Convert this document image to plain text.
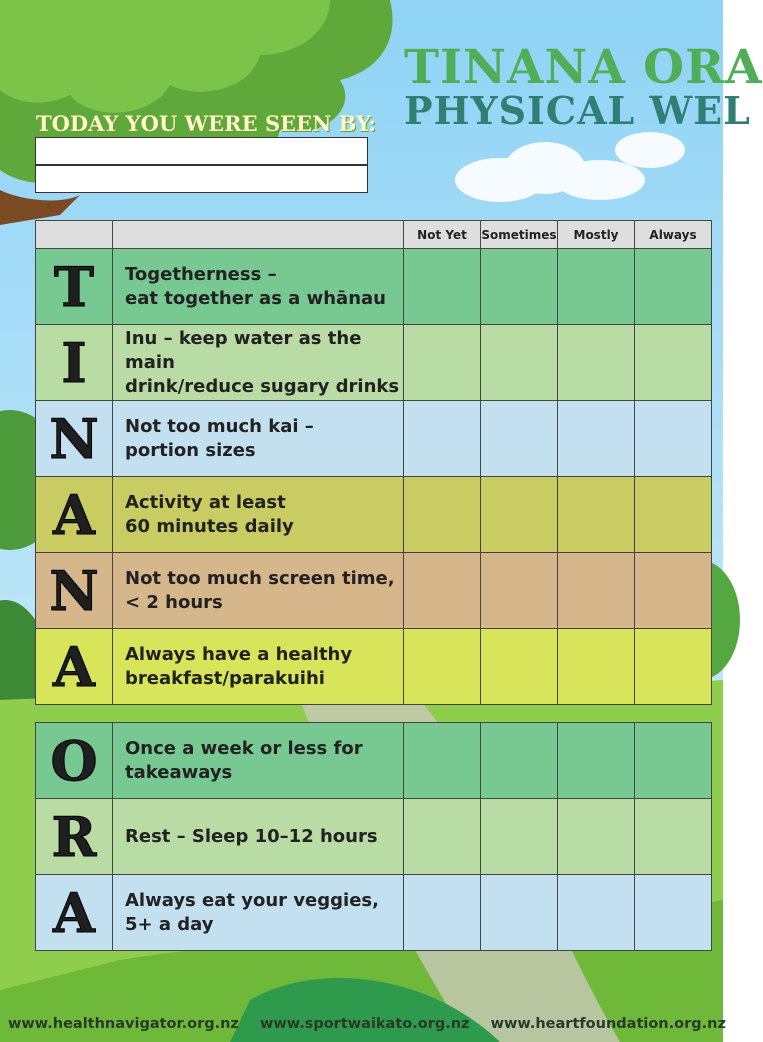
TINANA ORA
PHYSICAL WEL
TODAY YOU WERE SEEN BY:
		Not Yet	Sometimes	Mostly	Always
T	Togetherness –
eat together as a whānau				

I	Inu – keep water as the main
drink/reduce sugary drinks				

N	Not too much kai –
portion sizes				

A	Activity at least
60 minutes daily				

N	Not too much screen time,
< 2 hours				

A	Always have a healthy
breakfast/parakuihi				

O	Once a week or less for
takeaways				

R	Rest – Sleep 10–12 hours				

A	Always eat your veggies,
5+ a day				

www.healthnavigator.org.nz www.sportwaikato.org.nz www.heartfoundation.org.nz
